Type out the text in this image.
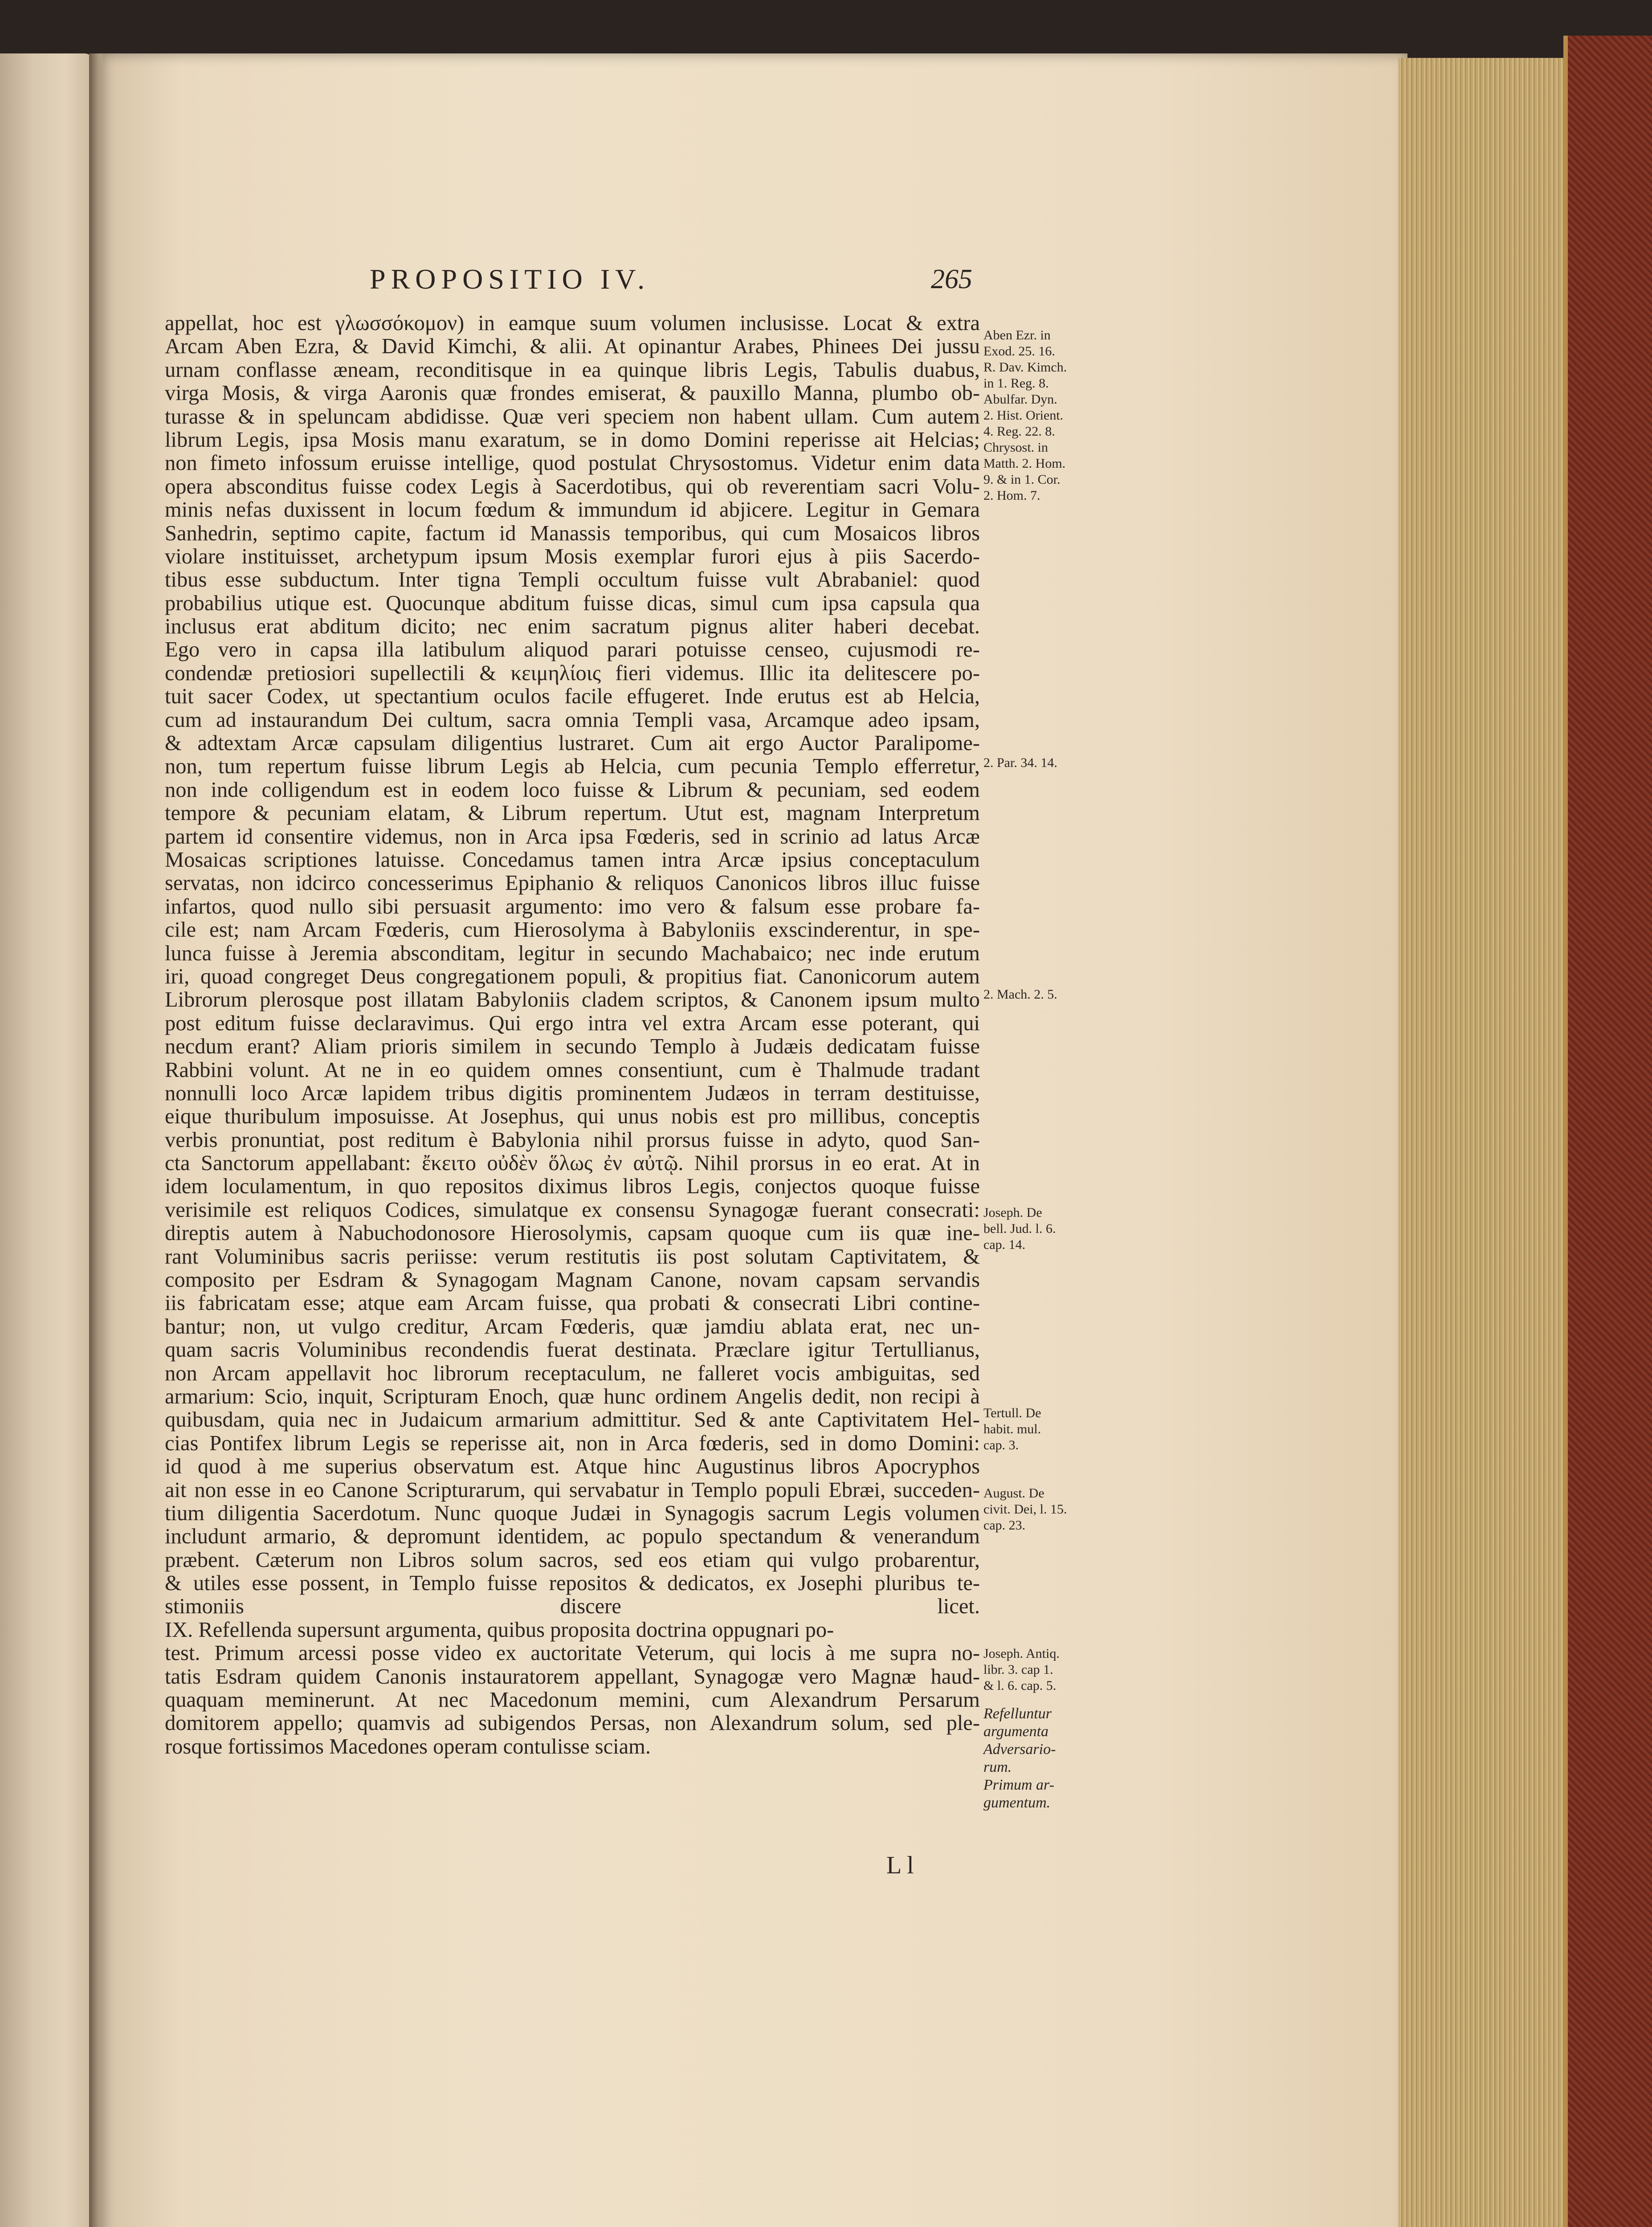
PROPOSITIO IV.	265
appellat, hoc est γλωσσόκομον) in eamque suum volumen inclusisse. Locat & extra
Arcam Aben Ezra, & David Kimchi, & alii. At opinantur Arabes, Phinees Dei jussu
urnam conflasse æneam, reconditisque in ea quinque libris Legis, Tabulis duabus,
virga Mosis, & virga Aaronis quæ frondes emiserat, & pauxillo Manna, plumbo ob-
turasse & in speluncam abdidisse. Quæ veri speciem non habent ullam. Cum autem
librum Legis, ipsa Mosis manu exaratum, se in domo Domini reperisse ait Helcias;
non fimeto infossum eruisse intellige, quod postulat Chrysostomus. Videtur enim data
opera absconditus fuisse codex Legis à Sacerdotibus, qui ob reverentiam sacri Volu-
minis nefas duxissent in locum fœdum & immundum id abjicere. Legitur in Gemara
Sanhedrin, septimo capite, factum id Manassis temporibus, qui cum Mosaicos libros
violare instituisset, archetypum ipsum Mosis exemplar furori ejus à piis Sacerdo-
tibus esse subductum. Inter tigna Templi occultum fuisse vult Abrabaniel: quod
probabilius utique est. Quocunque abditum fuisse dicas, simul cum ipsa capsula qua
inclusus erat abditum dicito; nec enim sacratum pignus aliter haberi decebat.
Ego vero in capsa illa latibulum aliquod parari potuisse censeo, cujusmodi re-
condendæ pretiosiori supellectili & κειμηλίοις fieri videmus. Illic ita delitescere po-
tuit sacer Codex, ut spectantium oculos facile effugeret. Inde erutus est ab Helcia,
cum ad instaurandum Dei cultum, sacra omnia Templi vasa, Arcamque adeo ipsam,
& adtextam Arcæ capsulam diligentius lustraret. Cum ait ergo Auctor Paralipome-
non, tum repertum fuisse librum Legis ab Helcia, cum pecunia Templo efferretur,
non inde colligendum est in eodem loco fuisse & Librum & pecuniam, sed eodem
tempore & pecuniam elatam, & Librum repertum. Utut est, magnam Interpretum
partem id consentire videmus, non in Arca ipsa Fœderis, sed in scrinio ad latus Arcæ
Mosaicas scriptiones latuisse. Concedamus tamen intra Arcæ ipsius conceptaculum
servatas, non idcirco concesserimus Epiphanio & reliquos Canonicos libros illuc fuisse
infartos, quod nullo sibi persuasit argumento: imo vero & falsum esse probare fa-
cile est; nam Arcam Fœderis, cum Hierosolyma à Babyloniis exscinderentur, in spe-
lunca fuisse à Jeremia absconditam, legitur in secundo Machabaico; nec inde erutum
iri, quoad congreget Deus congregationem populi, & propitius fiat. Canonicorum autem
Librorum plerosque post illatam Babyloniis cladem scriptos, & Canonem ipsum multo
post editum fuisse declaravimus. Qui ergo intra vel extra Arcam esse poterant, qui
necdum erant? Aliam prioris similem in secundo Templo à Judæis dedicatam fuisse
Rabbini volunt. At ne in eo quidem omnes consentiunt, cum è Thalmude tradant
nonnulli loco Arcæ lapidem tribus digitis prominentem Judæos in terram destituisse,
eique thuribulum imposuisse. At Josephus, qui unus nobis est pro millibus, conceptis
verbis pronuntiat, post reditum è Babylonia nihil prorsus fuisse in adyto, quod San-
cta Sanctorum appellabant: ἔκειτο οὐδὲν ὅλως ἐν αὐτῷ. Nihil prorsus in eo erat. At in
idem loculamentum, in quo repositos diximus libros Legis, conjectos quoque fuisse
verisimile est reliquos Codices, simulatque ex consensu Synagogæ fuerant consecrati:
direptis autem à Nabuchodonosore Hierosolymis, capsam quoque cum iis quæ ine-
rant Voluminibus sacris periisse: verum restitutis iis post solutam Captivitatem, &
composito per Esdram & Synagogam Magnam Canone, novam capsam servandis
iis fabricatam esse; atque eam Arcam fuisse, qua probati & consecrati Libri contine-
bantur; non, ut vulgo creditur, Arcam Fœderis, quæ jamdiu ablata erat, nec un-
quam sacris Voluminibus recondendis fuerat destinata. Præclare igitur Tertullianus,
non Arcam appellavit hoc librorum receptaculum, ne falleret vocis ambiguitas, sed
armarium: Scio, inquit, Scripturam Enoch, quæ hunc ordinem Angelis dedit, non recipi à
quibusdam, quia nec in Judaicum armarium admittitur. Sed & ante Captivitatem Hel-
cias Pontifex librum Legis se reperisse ait, non in Arca fœderis, sed in domo Domini:
id quod à me superius observatum est. Atque hinc Augustinus libros Apocryphos
ait non esse in eo Canone Scripturarum, qui servabatur in Templo populi Ebræi, succeden-
tium diligentia Sacerdotum. Nunc quoque Judæi in Synagogis sacrum Legis volumen
includunt armario, & depromunt identidem, ac populo spectandum & venerandum
præbent. Cæterum non Libros solum sacros, sed eos etiam qui vulgo probarentur,
& utiles esse possent, in Templo fuisse repositos & dedicatos, ex Josephi pluribus te-
stimoniis discere licet.
IX. Refellenda supersunt argumenta, quibus proposita doctrina oppugnari po-
test. Primum arcessi posse video ex auctoritate Veterum, qui locis à me supra no-
tatis Esdram quidem Canonis instauratorem appellant, Synagogæ vero Magnæ haud-
quaquam meminerunt. At nec Macedonum memini, cum Alexandrum Persarum
domitorem appello; quamvis ad subigendos Persas, non Alexandrum solum, sed ple-
rosque fortissimos Macedones operam contulisse sciam.
Aben Ezr. in
Exod. 25. 16.
R. Dav. Kimch.
in 1. Reg. 8.
Abulfar. Dyn.
2. Hist. Orient.
4. Reg. 22. 8.
Chrysost. in
Matth. 2. Hom.
9. & in 1. Cor.
2. Hom. 7.
2. Par. 34. 14.
2. Mach. 2. 5.
Joseph. De
bell. Jud. l. 6.
cap. 14.
Tertull. De
habit. mul.
cap. 3.
August. De
civit. Dei, l. 15.
cap. 23.
Joseph. Antiq.
libr. 3. cap 1.
& l. 6. cap. 5.
Refelluntur
argumenta
Adversario-
rum.
Primum ar-
gumentum.
L l
